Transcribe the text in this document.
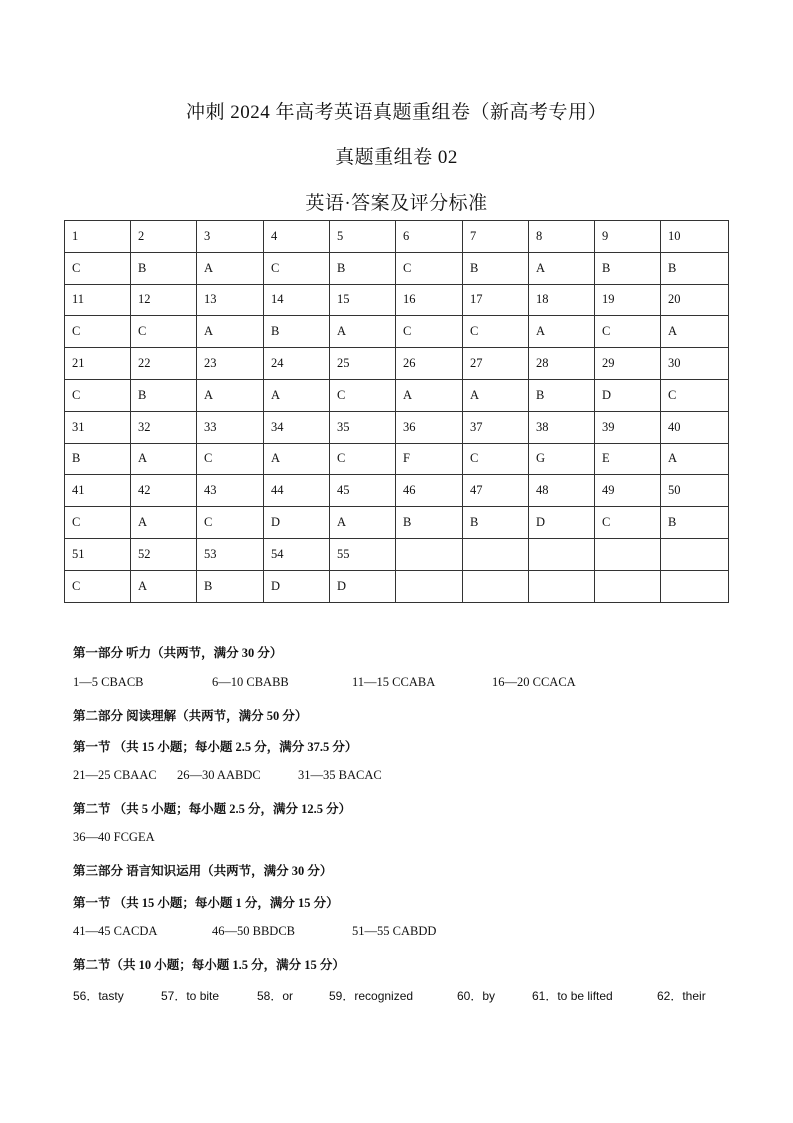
冲刺 2024 年高考英语真题重组卷（新高考专用）
真题重组卷 02
英语·答案及评分标准
1	2	3	4	5	6	7	8	9	10
C	B	A	C	B	C	B	A	B	B
11	12	13	14	15	16	17	18	19	20
C	C	A	B	A	C	C	A	C	A
21	22	23	24	25	26	27	28	29	30
C	B	A	A	C	A	A	B	D	C
31	32	33	34	35	36	37	38	39	40
B	A	C	A	C	F	C	G	E	A
41	42	43	44	45	46	47	48	49	50
C	A	C	D	A	B	B	D	C	B
51	52	53	54	55					
C	A	B	D	D					
第一部分 听力（共两节，满分 30 分）
1—5 CBACB	6—10 CBABB	11—15 CCABA	16—20 CCACA
第二部分 阅读理解（共两节，满分 50 分）
第一节 （共 15 小题；每小题 2.5 分，满分 37.5 分）
21—25 CBAAC 26—30 AABDC	31—35 BACAC
第二节 （共 5 小题；每小题 2.5 分，满分 12.5 分）
36—40 FCGEA
第三部分 语言知识运用（共两节，满分 30 分）
第一节 （共 15 小题；每小题 1 分，满分 15 分）
41—45 CACDA	46—50 BBDCB	51—55 CABDD
第二节（共 10 小题；每小题 1.5 分，满分 15 分）
56．tasty	57．to bite	58．or	59．recognized	60．by	61．to be lifted	62．their
